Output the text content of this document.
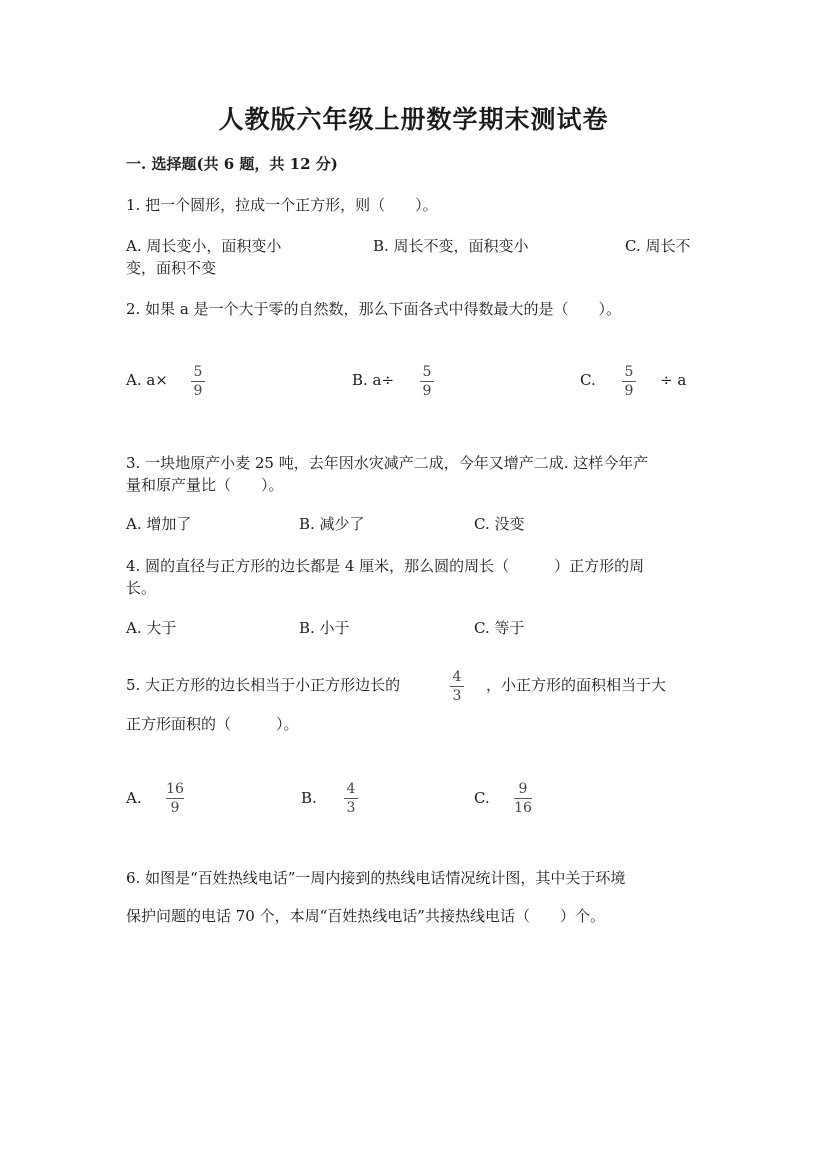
人教版六年级上册数学期末测试卷
一. 选择题(共 6 题，共 12 分)
1. 把一个圆形，拉成一个正方形，则（　　）。
A. 周长变小，面积变小	B. 周长不变，面积变小	C. 周长不
变，面积不变
2. 如果 a 是一个大于零的自然数，那么下面各式中得数最大的是（　　）。
A. a× 5
9
B. a÷ 5
9
C. 5
9
÷ a
3. 一块地原产小麦 25 吨，去年因水灾减产二成，今年又增产二成. 这样今年产
量和原产量比（　　）。
A. 增加了	B. 减少了	C. 没变
4. 圆的直径与正方形的边长都是 4 厘米，那么圆的周长（　　　）正方形的周
长。
A. 大于	B. 小于	C. 等于
5. 大正方形的边长相当于小正方形边长的	4
3
，小正方形的面积相当于大
正方形面积的（　　　）。
A. 16
9
B. 4
3
C. 9
16
6. 如图是“百姓热线电话”一周内接到的热线电话情况统计图，其中关于环境
保护问题的电话 70 个，本周“百姓热线电话”共接热线电话（　　）个。
